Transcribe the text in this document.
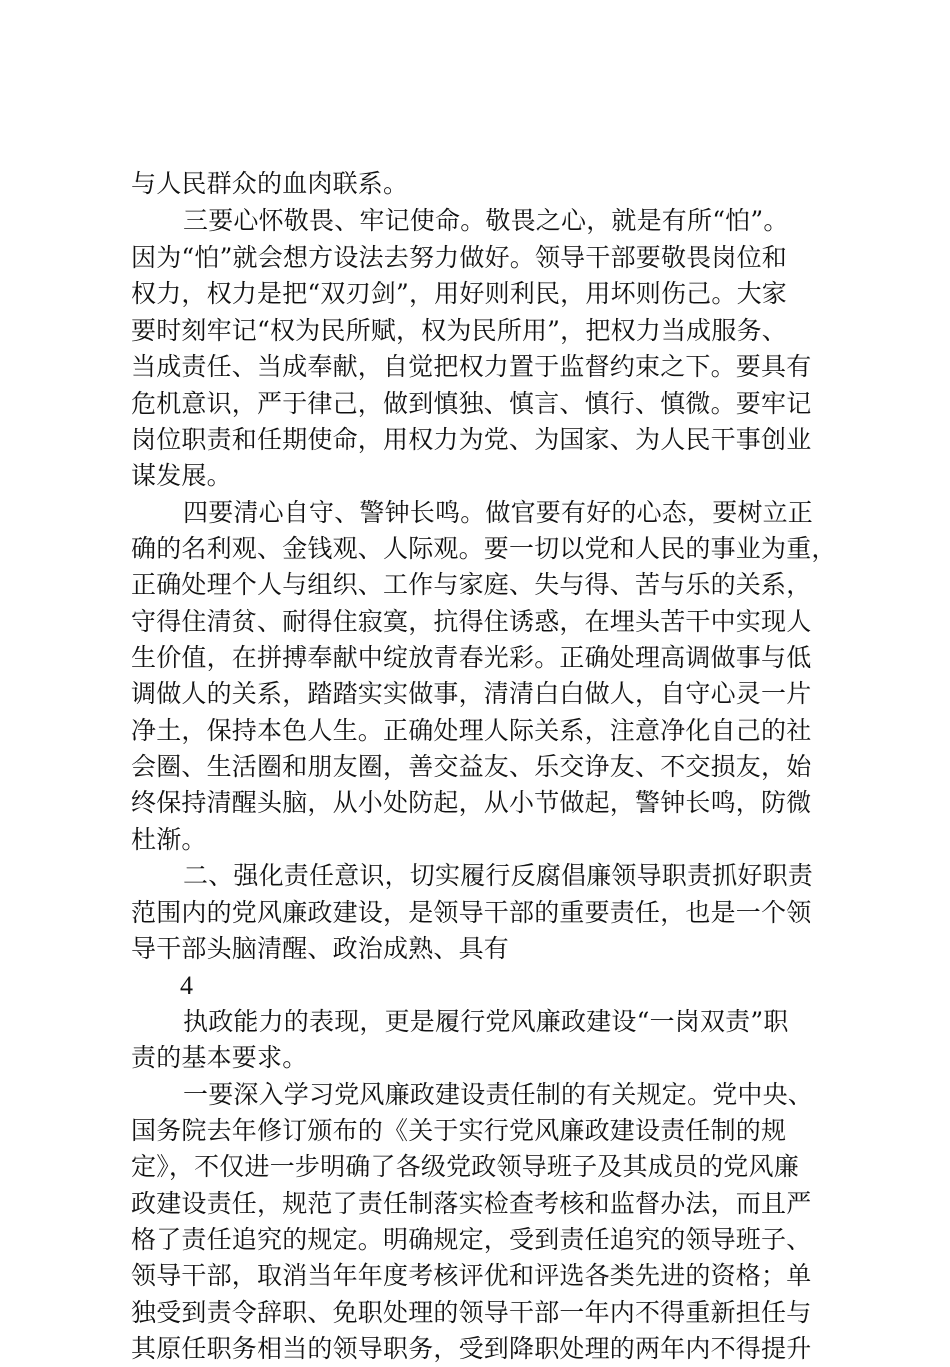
与人民群众的血肉联系。
三要心怀敬畏、牢记使命。敬畏之心，就是有所“怕”。
因为“怕”就会想方设法去努力做好。领导干部要敬畏岗位和
权力，权力是把“双刃剑”，用好则利民，用坏则伤己。大家
要时刻牢记“权为民所赋，权为民所用”，把权力当成服务、
当成责任、当成奉献，自觉把权力置于监督约束之下。要具有
危机意识，严于律己，做到慎独、慎言、慎行、慎微。要牢记
岗位职责和任期使命，用权力为党、为国家、为人民干事创业
谋发展。
四要清心自守、警钟长鸣。做官要有好的心态，要树立正
确的名利观、金钱观、人际观。要一切以党和人民的事业为重，
正确处理个人与组织、工作与家庭、失与得、苦与乐的关系，
守得住清贫、耐得住寂寞，抗得住诱惑，在埋头苦干中实现人
生价值，在拼搏奉献中绽放青春光彩。正确处理高调做事与低
调做人的关系，踏踏实实做事，清清白白做人，自守心灵一片
净土，保持本色人生。正确处理人际关系，注意净化自己的社
会圈、生活圈和朋友圈，善交益友、乐交诤友、不交损友，始
终保持清醒头脑，从小处防起，从小节做起，警钟长鸣，防微
杜渐。
二、强化责任意识，切实履行反腐倡廉领导职责抓好职责
范围内的党风廉政建设，是领导干部的重要责任，也是一个领
导干部头脑清醒、政治成熟、具有
4
执政能力的表现，更是履行党风廉政建设“一岗双责”职
责的基本要求。
一要深入学习党风廉政建设责任制的有关规定。党中央、
国务院去年修订颁布的《关于实行党风廉政建设责任制的规
定》，不仅进一步明确了各级党政领导班子及其成员的党风廉
政建设责任，规范了责任制落实检查考核和监督办法，而且严
格了责任追究的规定。明确规定，受到责任追究的领导班子、
领导干部，取消当年年度考核评优和评选各类先进的资格；单
独受到责令辞职、免职处理的领导干部一年内不得重新担任与
其原任职务相当的领导职务，受到降职处理的两年内不得提升
